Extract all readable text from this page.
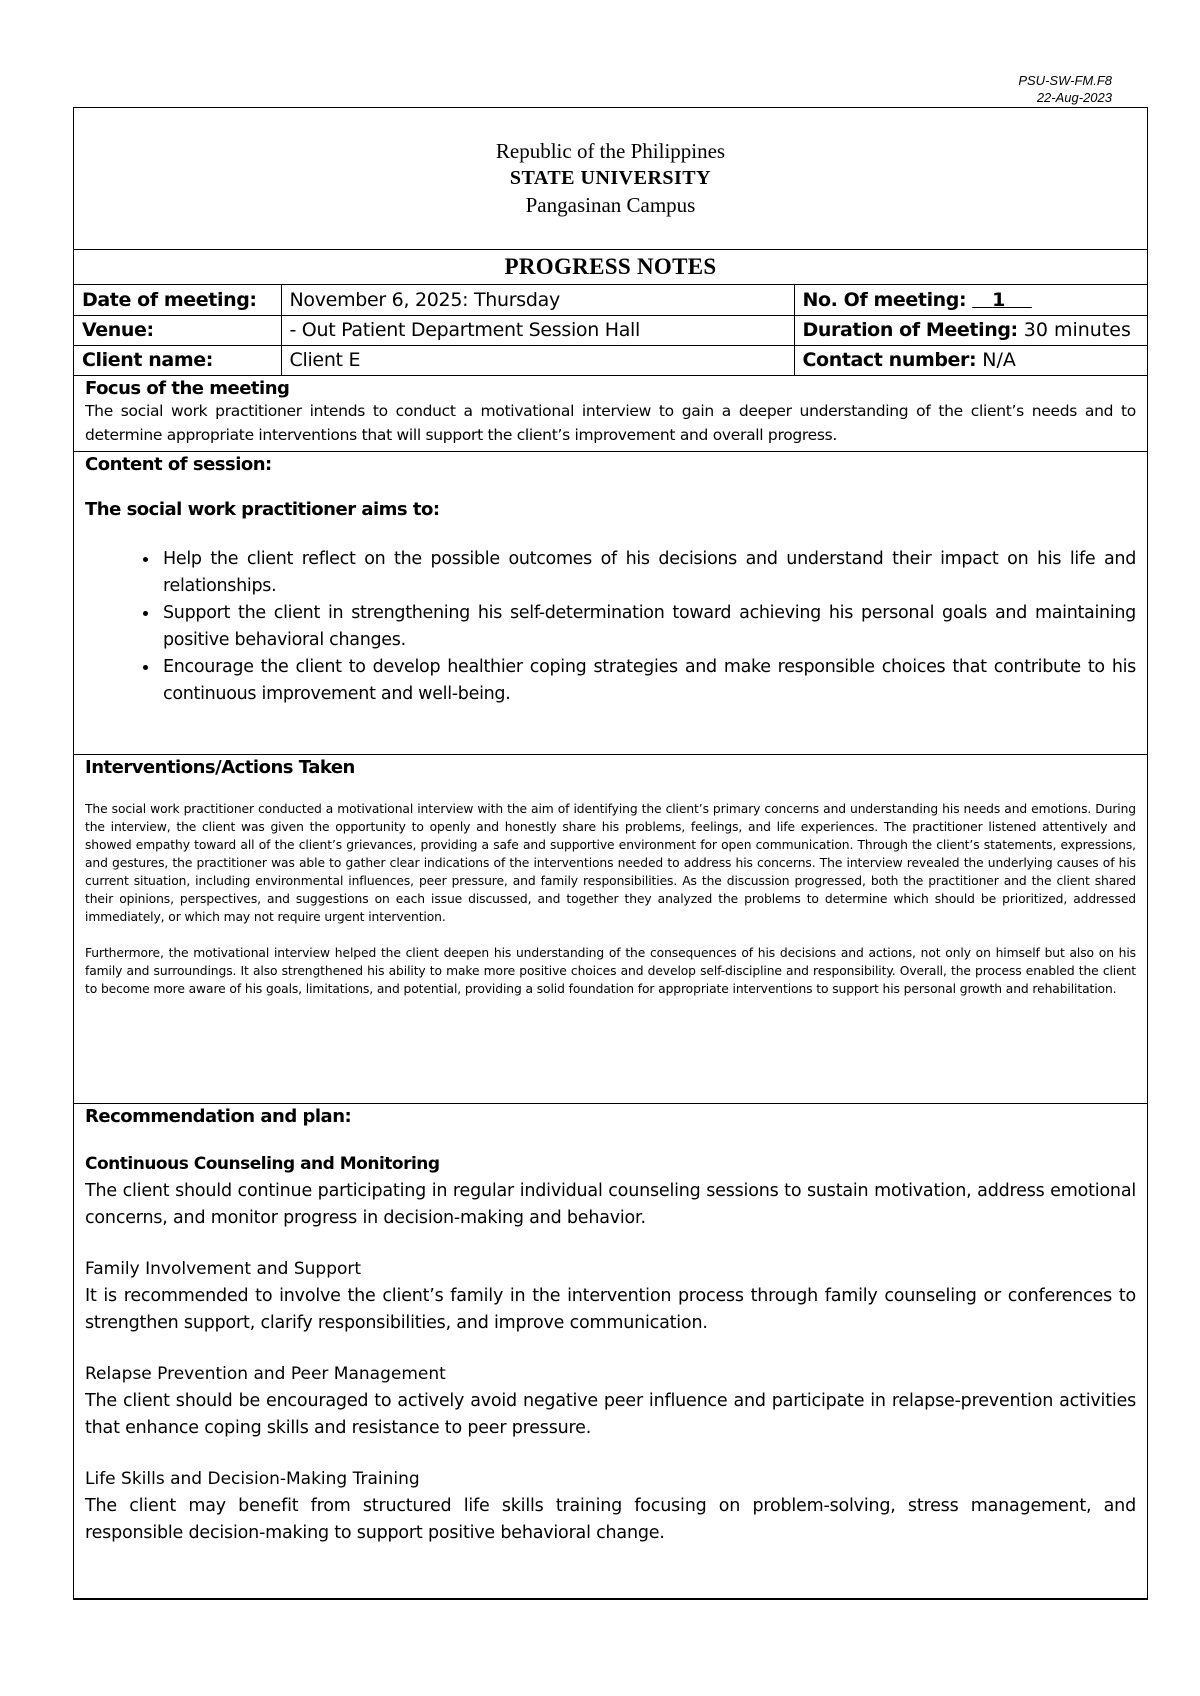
PSU-SW-FM.F8
22-Aug-2023
Republic of the Philippines
STATE UNIVERSITY
Pangasinan Campus
PROGRESS NOTES
Date of meeting:	November 6, 2025: Thursday	No. Of meeting: 1
Venue:	- Out Patient Department Session Hall	Duration of Meeting: 30 minutes
Client name:	Client E	Contact number: N/A
Focus of the meeting

The social work practitioner intends to conduct a motivational interview to gain a deeper understanding of the client’s needs and to determine appropriate interventions that will support the client’s improvement and overall progress.

Content of session:
The social work practitioner aims to:
• Help the client reflect on the possible outcomes of his decisions and understand their impact on his life and relationships.
• Support the client in strengthening his self-determination toward achieving his personal goals and maintaining positive behavioral changes.
• Encourage the client to develop healthier coping strategies and make responsible choices that contribute to his continuous improvement and well-being.
Interventions/Actions Taken

The social work practitioner conducted a motivational interview with the aim of identifying the client’s primary concerns and understanding his needs and emotions. During the interview, the client was given the opportunity to openly and honestly share his problems, feelings, and life experiences. The practitioner listened attentively and showed empathy toward all of the client’s grievances, providing a safe and supportive environment for open communication. Through the client’s statements, expressions, and gestures, the practitioner was able to gather clear indications of the interventions needed to address his concerns. The interview revealed the underlying causes of his current situation, including environmental influences, peer pressure, and family responsibilities. As the discussion progressed, both the practitioner and the client shared their opinions, perspectives, and suggestions on each issue discussed, and together they analyzed the problems to determine which should be prioritized, addressed immediately, or which may not require urgent intervention.

Furthermore, the motivational interview helped the client deepen his understanding of the consequences of his decisions and actions, not only on himself but also on his family and surroundings. It also strengthened his ability to make more positive choices and develop self-discipline and responsibility. Overall, the process enabled the client to become more aware of his goals, limitations, and potential, providing a solid foundation for appropriate interventions to support his personal growth and rehabilitation.

Recommendation and plan:
Continuous Counseling and Monitoring

The client should continue participating in regular individual counseling sessions to sustain motivation, address emotional concerns, and monitor progress in decision-making and behavior.

Family Involvement and Support

It is recommended to involve the client’s family in the intervention process through family counseling or conferences to strengthen support, clarify responsibilities, and improve communication.

Relapse Prevention and Peer Management

The client should be encouraged to actively avoid negative peer influence and participate in relapse-prevention activities that enhance coping skills and resistance to peer pressure.

Life Skills and Decision-Making Training

The client may benefit from structured life skills training focusing on problem-solving, stress management, and responsible decision-making to support positive behavioral change.
